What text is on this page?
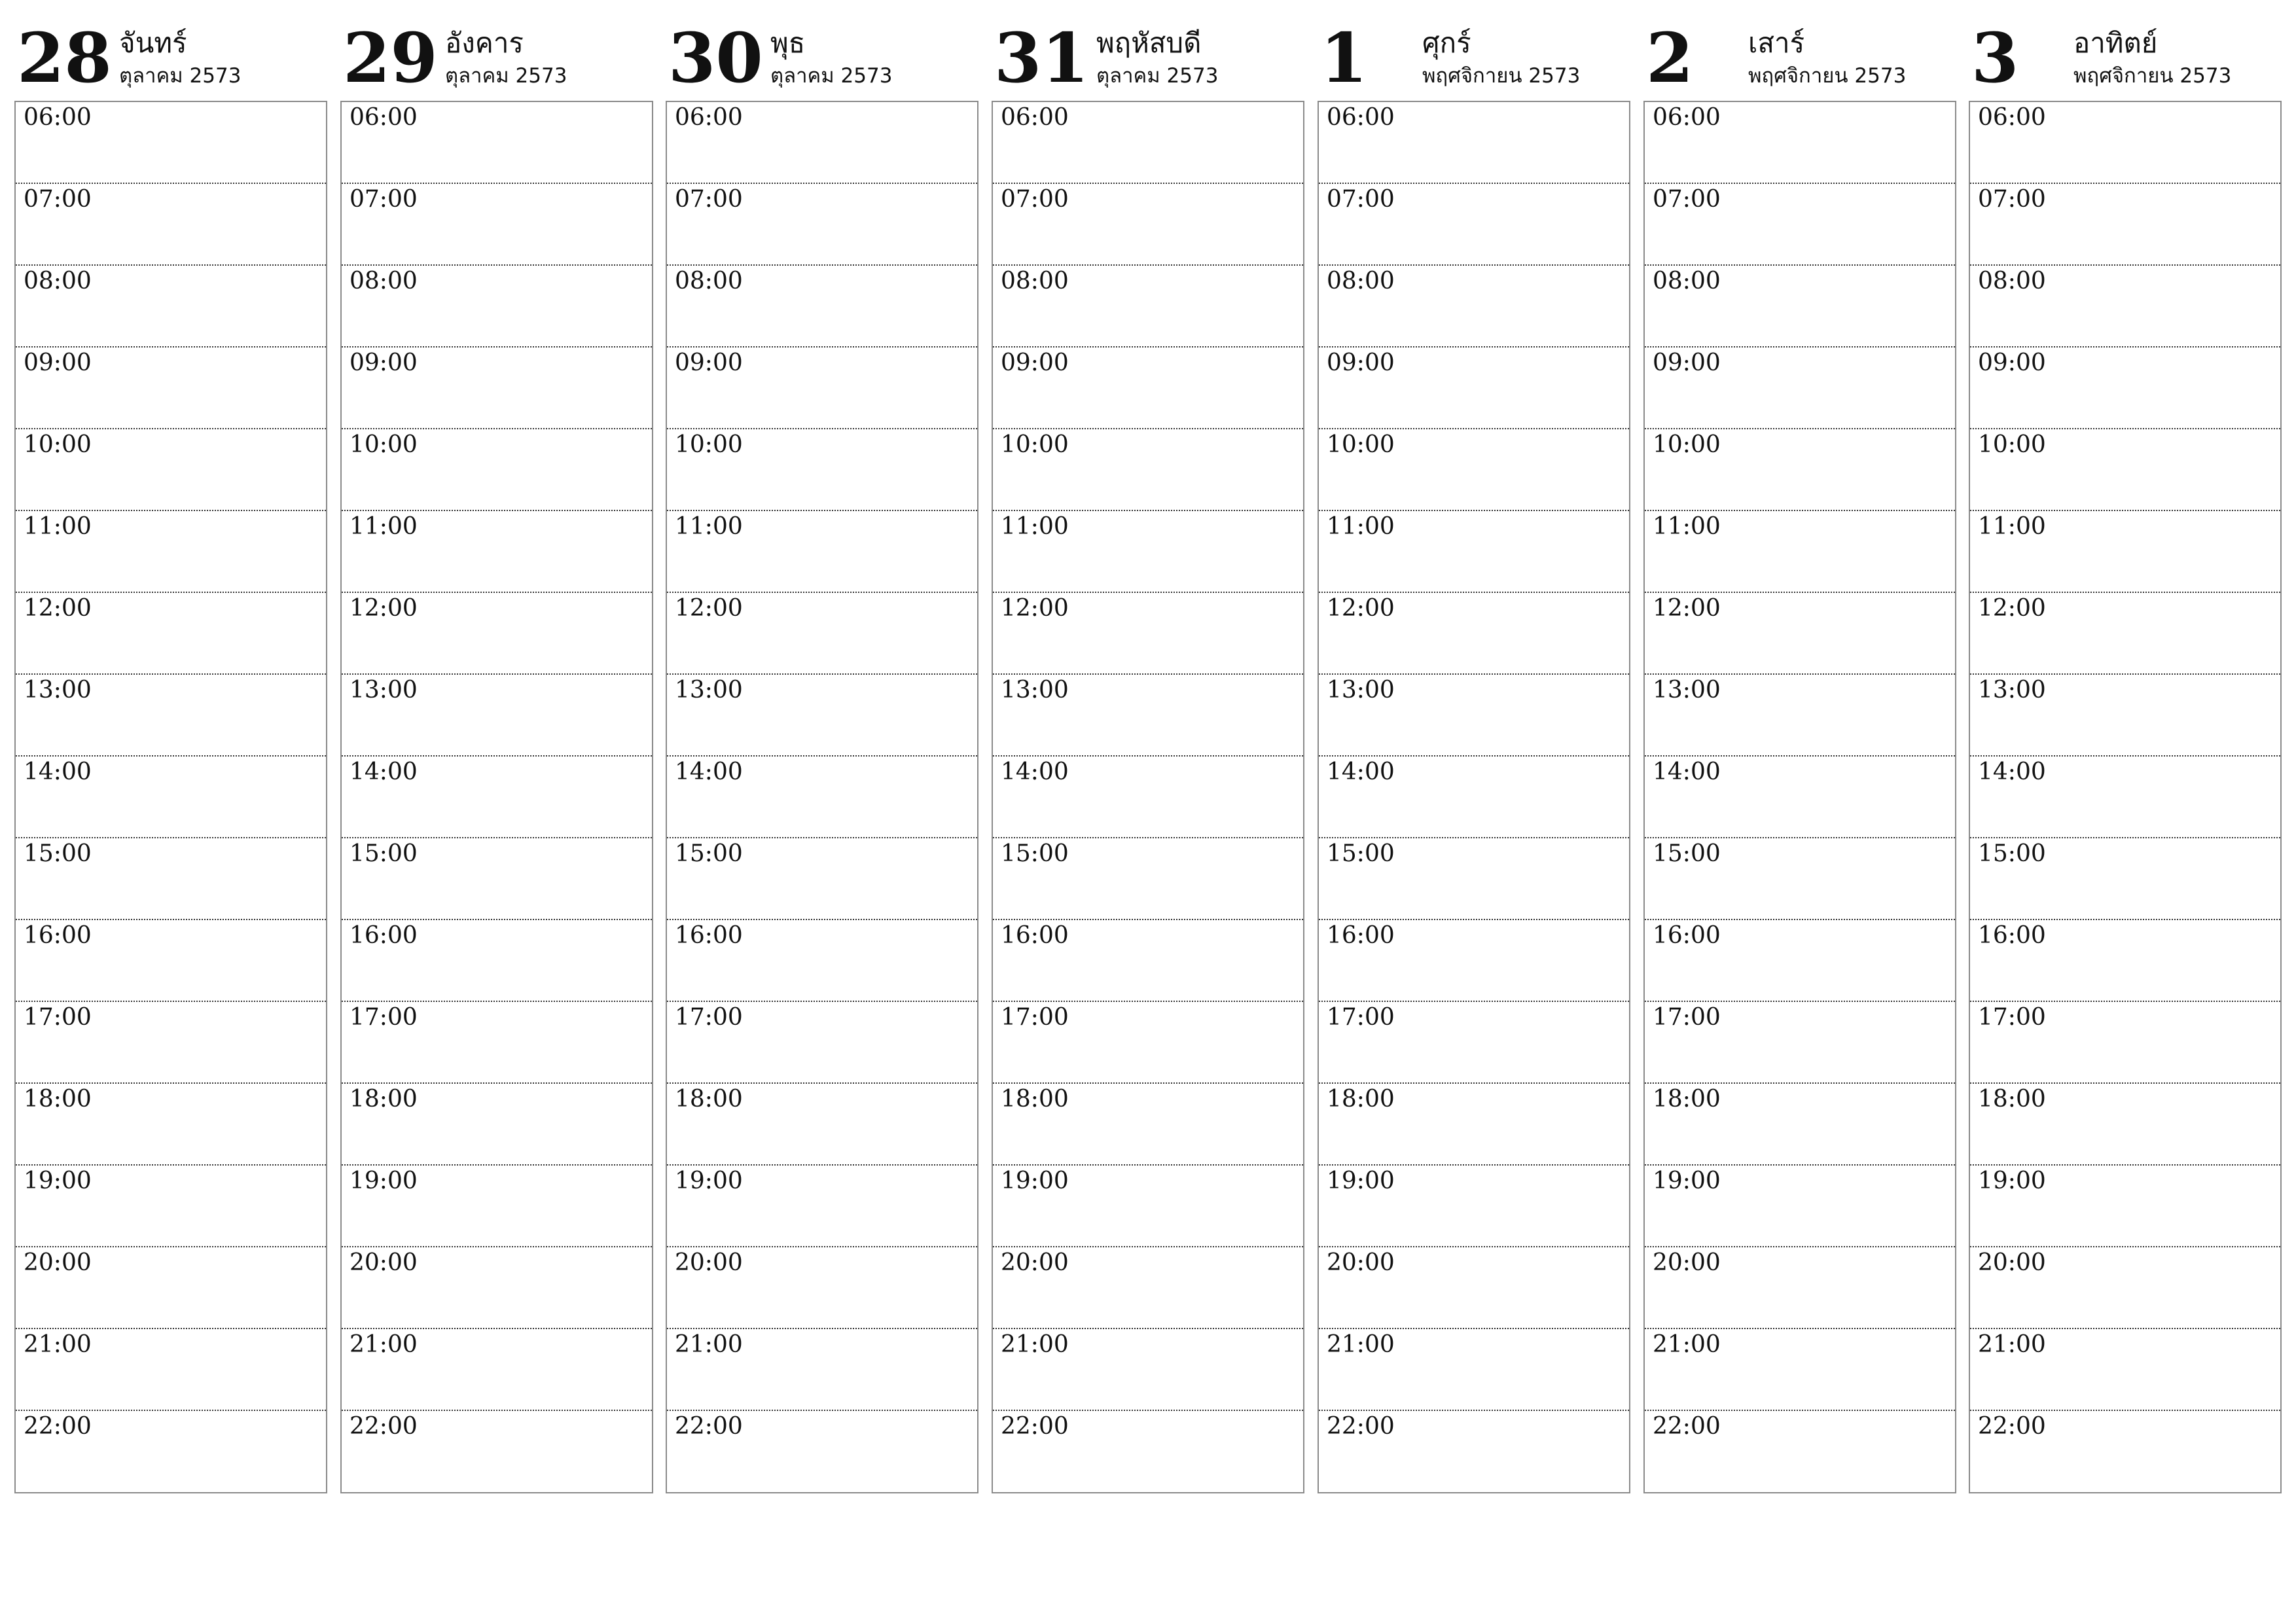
28 จันทร์
ตุลาคม 2573
06:00
07:00
08:00
09:00
10:00
11:00
12:00
13:00
14:00
15:00
16:00
17:00
18:00
19:00
20:00
21:00
22:00
29 อังคาร
ตุลาคม 2573
06:00
07:00
08:00
09:00
10:00
11:00
12:00
13:00
14:00
15:00
16:00
17:00
18:00
19:00
20:00
21:00
22:00
30 พุธ
ตุลาคม 2573
06:00
07:00
08:00
09:00
10:00
11:00
12:00
13:00
14:00
15:00
16:00
17:00
18:00
19:00
20:00
21:00
22:00
31 พฤหัสบดี
ตุลาคม 2573
06:00
07:00
08:00
09:00
10:00
11:00
12:00
13:00
14:00
15:00
16:00
17:00
18:00
19:00
20:00
21:00
22:00
1 ศุกร์
พฤศจิกายน 2573
06:00
07:00
08:00
09:00
10:00
11:00
12:00
13:00
14:00
15:00
16:00
17:00
18:00
19:00
20:00
21:00
22:00
2 เสาร์
พฤศจิกายน 2573
06:00
07:00
08:00
09:00
10:00
11:00
12:00
13:00
14:00
15:00
16:00
17:00
18:00
19:00
20:00
21:00
22:00
3 อาทิตย์
พฤศจิกายน 2573
06:00
07:00
08:00
09:00
10:00
11:00
12:00
13:00
14:00
15:00
16:00
17:00
18:00
19:00
20:00
21:00
22:00
